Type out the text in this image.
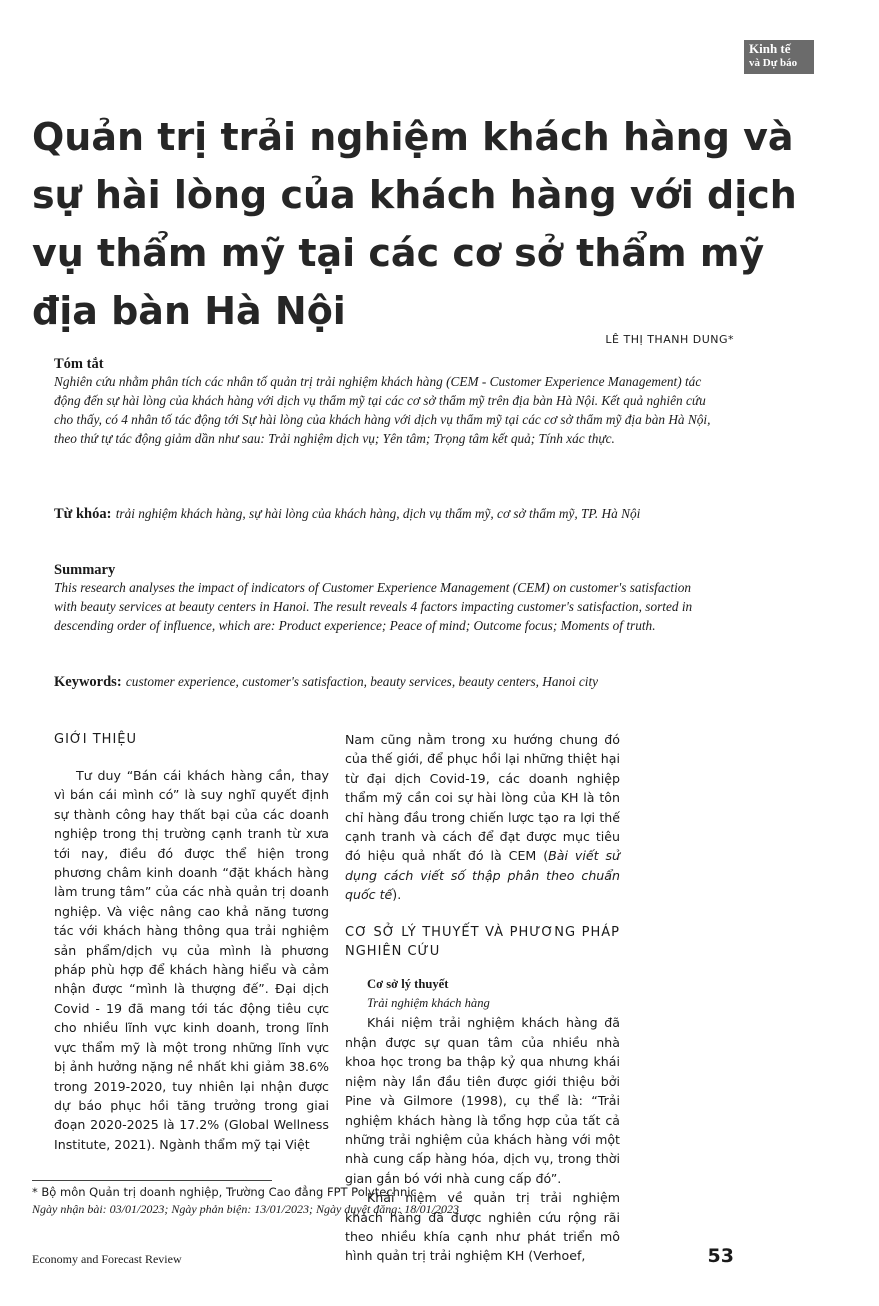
Kinh tế
và Dự báo
Quản trị trải nghiệm khách hàng và sự hài lòng của khách hàng với dịch vụ thẩm mỹ tại các cơ sở thẩm mỹ địa bàn Hà Nội
LÊ THỊ THANH DUNG*
Tóm tắt
Nghiên cứu nhằm phân tích các nhân tố quản trị trải nghiệm khách hàng (CEM - Customer Experience Management) tác động đến sự hài lòng của khách hàng với dịch vụ thẩm mỹ tại các cơ sở thẩm mỹ trên địa bàn Hà Nội. Kết quả nghiên cứu cho thấy, có 4 nhân tố tác động tới Sự hài lòng của khách hàng với dịch vụ thẩm mỹ tại các cơ sở thẩm mỹ địa bàn Hà Nội, theo thứ tự tác động giảm dần như sau: Trải nghiệm dịch vụ; Yên tâm; Trọng tâm kết quả; Tính xác thực.
Từ khóa: trải nghiệm khách hàng, sự hài lòng của khách hàng, dịch vụ thẩm mỹ, cơ sở thẩm mỹ, TP. Hà Nội
Summary
This research analyses the impact of indicators of Customer Experience Management (CEM) on customer's satisfaction with beauty services at beauty centers in Hanoi. The result reveals 4 factors impacting customer's satisfaction, sorted in descending order of influence, which are: Product experience; Peace of mind; Outcome focus; Moments of truth.
Keywords: customer experience, customer's satisfaction, beauty services, beauty centers, Hanoi city
GIỚI THIỆU

Tư duy “Bán cái khách hàng cần, thay vì bán cái mình có” là suy nghĩ quyết định sự thành công hay thất bại của các doanh nghiệp trong thị trường cạnh tranh từ xưa tới nay, điều đó được thể hiện trong phương châm kinh doanh “đặt khách hàng làm trung tâm” của các nhà quản trị doanh nghiệp. Và việc nâng cao khả năng tương tác với khách hàng thông qua trải nghiệm sản phẩm/dịch vụ của mình là phương pháp phù hợp để khách hàng hiểu và cảm nhận được “mình là thượng đế”. Đại dịch Covid - 19 đã mang tới tác động tiêu cực cho nhiều lĩnh vực kinh doanh, trong lĩnh vực thẩm mỹ là một trong những lĩnh vực bị ảnh hưởng nặng nề nhất khi giảm 38.6% trong 2019-2020, tuy nhiên lại nhận được dự báo phục hồi tăng trưởng trong giai đoạn 2020-2025 là 17.2% (Global Wellness Institute, 2021). Ngành thẩm mỹ tại Việt

Nam cũng nằm trong xu hướng chung đó của thế giới, để phục hồi lại những thiệt hại từ đại dịch Covid-19, các doanh nghiệp thẩm mỹ cần coi sự hài lòng của KH là tôn chỉ hàng đầu trong chiến lược tạo ra lợi thế cạnh tranh và cách để đạt được mục tiêu đó hiệu quả nhất đó là CEM (Bài viết sử dụng cách viết số thập phân theo chuẩn quốc tế).

CƠ SỞ LÝ THUYẾT VÀ PHƯƠNG PHÁP NGHIÊN CỨU

Cơ sở lý thuyết

Trải nghiệm khách hàng

Khái niệm trải nghiệm khách hàng đã nhận được sự quan tâm của nhiều nhà khoa học trong ba thập kỷ qua nhưng khái niệm này lần đầu tiên được giới thiệu bởi Pine và Gilmore (1998), cụ thể là: “Trải nghiệm khách hàng là tổng hợp của tất cả những trải nghiệm của khách hàng với một nhà cung cấp hàng hóa, dịch vụ, trong thời gian gắn bó với nhà cung cấp đó”.

Khái niệm về quản trị trải nghiệm khách hàng đã được nghiên cứu rộng rãi theo nhiều khía cạnh như phát triển mô hình quản trị trải nghiệm KH (Verhoef,

* Bộ môn Quản trị doanh nghiệp, Trường Cao đẳng FPT Polytechnic
Ngày nhận bài: 03/01/2023; Ngày phản biện: 13/01/2023; Ngày duyệt đăng: 18/01/2023
Economy and Forecast Review	53
